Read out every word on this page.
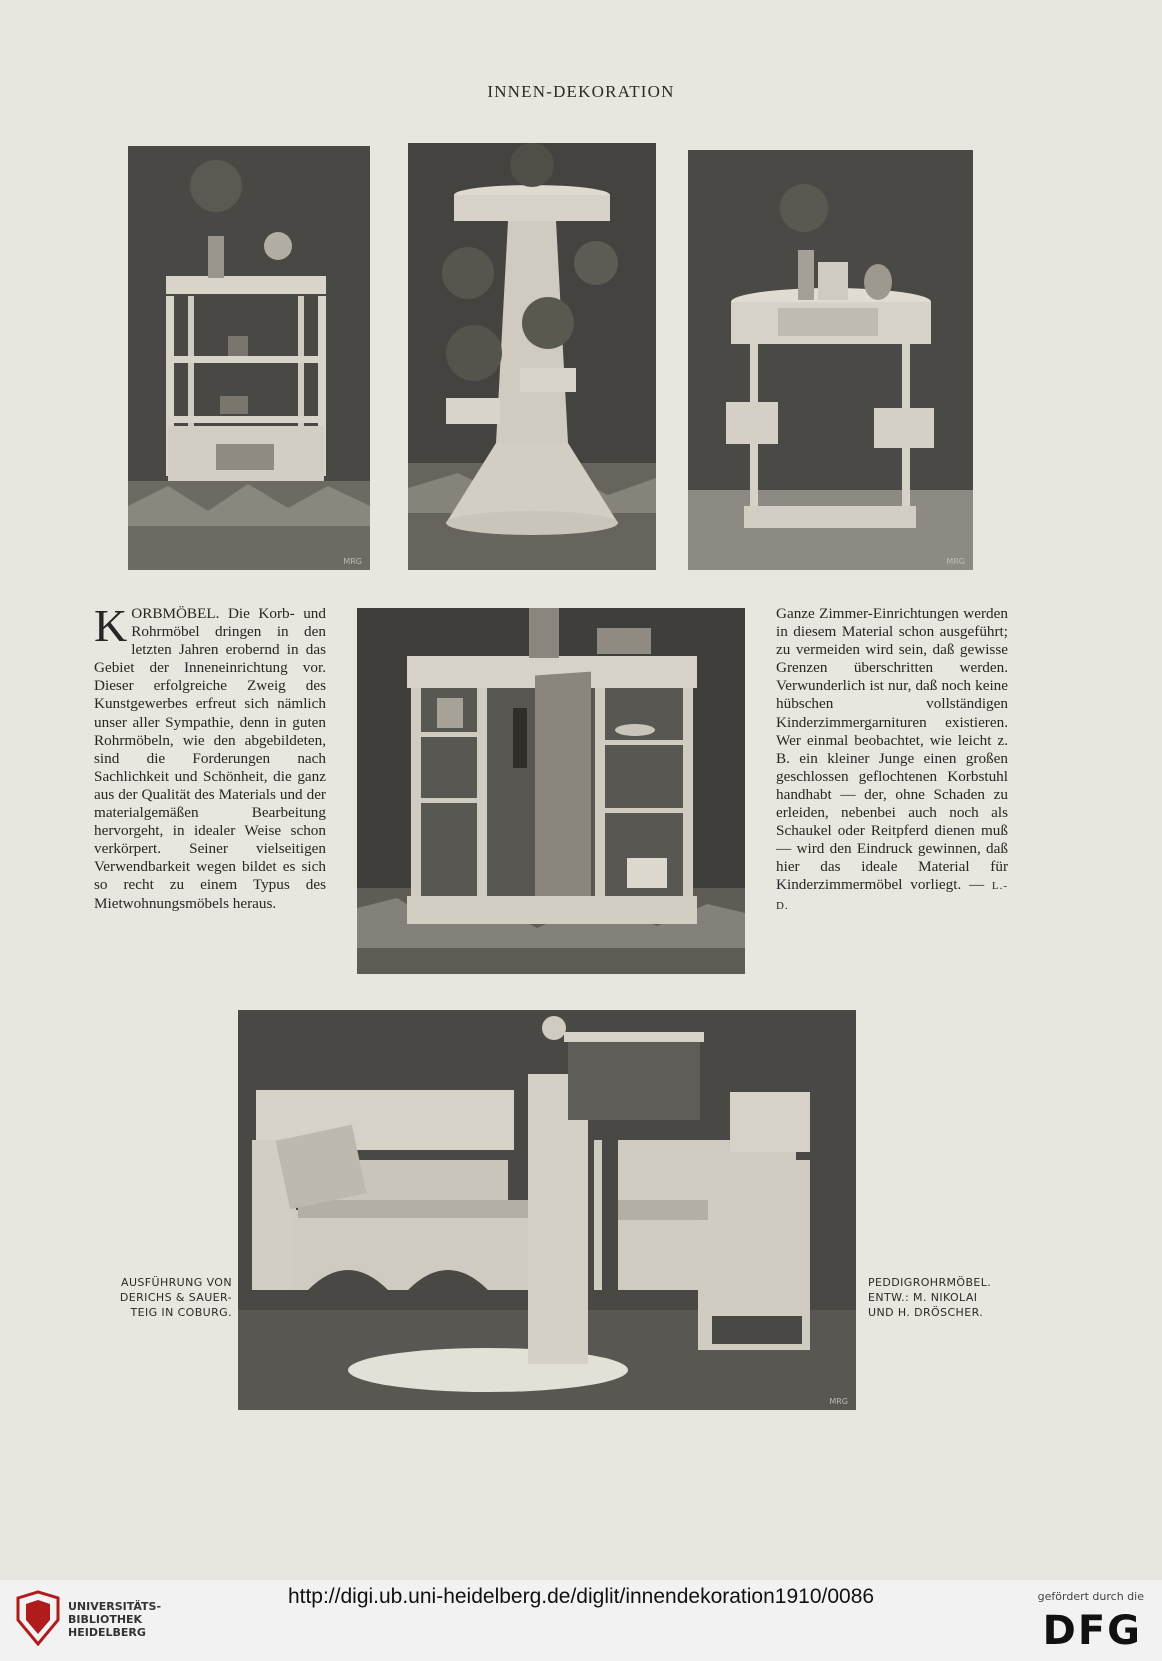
INNEN-DEKORATION
MRG	MRG

KORBMÖBEL. Die Korb- und Rohrmöbel dringen in den letzten Jahren erobernd in das Gebiet der Inneneinrichtung vor. Dieser erfolgreiche Zweig des Kunstgewerbes erfreut sich nämlich unser aller Sympathie, denn in guten Rohrmöbeln, wie den abgebildeten, sind die Forderungen nach Sachlichkeit und Schönheit, die ganz aus der Qualität des Materials und der materialgemäßen Bearbeitung hervorgeht, in idealer Weise schon verkörpert. Seiner vielseitigen Verwendbarkeit wegen bildet es sich so recht zu einem Typus des Mietwohnungsmöbels heraus.

Ganze Zimmer-Einrichtungen werden in diesem Material schon ausgeführt; zu vermeiden wird sein, daß gewisse Grenzen überschritten werden. Verwunderlich ist nur, daß noch keine hübschen vollständigen Kinderzimmergarnituren existieren. Wer einmal beobachtet, wie leicht z. B. ein kleiner Junge einen großen geschlossen geflochtenen Korbstuhl handhabt — der, ohne Schaden zu erleiden, nebenbei auch noch als Schaukel oder Reitpferd dienen muß — wird den Eindruck gewinnen, daß hier das ideale Material für Kinderzimmermöbel vorliegt. — L.-D.

MRG
AUSFÜHRUNG VON
DERICHS & SAUER-
TEIG IN COBURG.
PEDDIGROHRMÖBEL.
ENTW.: M. NIKOLAI
UND H. DRÖSCHER.
UNIVERSITÄTS-
BIBLIOTHEK
HEIDELBERG
gefördert durch die
DFG
http://digi.ub.uni-heidelberg.de/diglit/innendekoration1910/0086
